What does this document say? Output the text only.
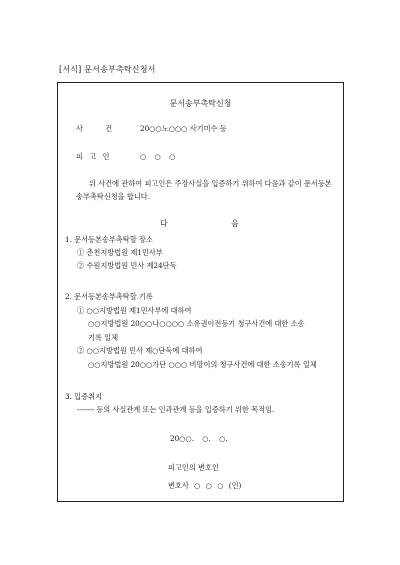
[서식] 문서송부촉탁신청서
문서송부촉탁신청
사 건 20○○노○○○ 사기미수 등
피 고 인	○ ○ ○
위 사건에 관하여 피고인은 주장사실을 입증하기 위하여 다음과 같이 문서등본
송부촉탁신청을 합니다.
다	음
1. 문서등본송부촉탁할 장소
① 춘천지방법원 제1민사부
② 수원지방법원 민사 제24단독
2. 문서등본송부촉탁할 기록
① ○○지방법원 제1민사부에 대하여
○○지방법원 20○○나○○○○ 소유권이전등기 청구사건에 대한 소송
기록 일체
② ○○지방법원 민사 제○단독에 대하여
○○지방법원 20○○가단 ○○○ 비망이의 청구사건에 대한 소송기록 일체
3. 입증취지
------- 등의 사실관계 또는 인과관계 등을 입증하기 위한 목적임.
20○○. ○. ○.
피고인의 변호인
변호사 ○ ○ ○ (인)
